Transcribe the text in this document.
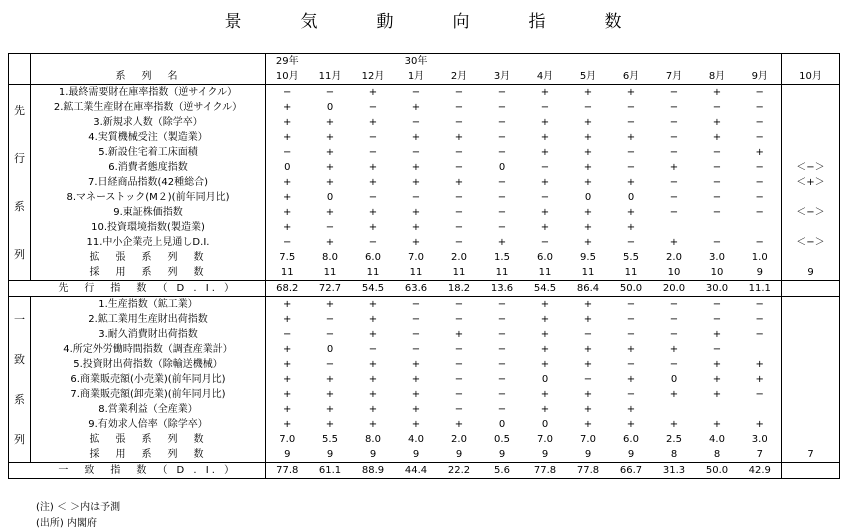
景　気　動　向　指　数
		29年			30年									
	系　列　名	10月	11月	12月	1月	2月	3月	4月	5月	6月	7月	8月	9月	10月

先
行
系
列	1.最終需要財在庫率指数（逆サイクル）	−	−	+	−	−	−	+	+	+	−	+	−	
	2.鉱工業生産財在庫率指数（逆サイクル）	+	0	−	+	−	−	−	−	−	−	−	−	
	3.新規求人数（除学卒）	+	+	+	−	−	−	+	+	−	−	+	−	
	4.実質機械受注（製造業）	+	+	−	+	+	−	+	+	+	−	+	−	
	5.新設住宅着工床面積	−	+	−	−	−	−	+	+	−	−	−	+	
	6.消費者態度指数	0	+	+	+	−	0	−	+	−	+	−	−	＜−＞
	7.日経商品指数(42種総合)	+	+	+	+	+	−	+	+	+	−	−	−	＜+＞
	8.マネーストック(M２)(前年同月比)	+	0	−	−	−	−	−	0	0	−	−	−	
	9.東証株価指数	+	+	+	+	−	−	+	+	+	−	−	−	＜−＞
	10.投資環境指数(製造業)	+	−	+	+	−	−	+	+	+				
	11.中小企業売上見通しD.I.	−	+	−	+	−	+	−	+	−	+	−	−	＜−＞
	拡　張　系　列　数	7.5	8.0	6.0	7.0	2.0	1.5	6.0	9.5	5.5	2.0	3.0	1.0	
	採　用　系　列　数	11	11	11	11	11	11	11	11	11	10	10	9	9
	先　行　指　数　（ D . I. ）	68.2	72.7	54.5	63.6	18.2	13.6	54.5	86.4	50.0	20.0	30.0	11.1	

一
致
系
列	1.生産指数（鉱工業）	+	+	+	−	−	−	+	+	−	−	−	−	
	2.鉱工業用生産財出荷指数	+	−	+	−	−	−	+	+	−	−	−	−	
	3.耐久消費財出荷指数	−	−	+	−	+	−	+	−	−	−	+	−	
	4.所定外労働時間指数（調査産業計）	+	0	−	−	−	−	+	+	+	+	−		
	5.投資財出荷指数（除輸送機械）	+	−	+	+	−	−	+	+	−	−	+	+	
	6.商業販売額(小売業)(前年同月比)	+	+	+	+	−	−	0	−	+	0	+	+	
	7.商業販売額(卸売業)(前年同月比)	+	+	+	+	−	−	+	+	−	+	+	−	
	8.営業利益（全産業）	+	+	+	+	−	−	+	+	+				
	9.有効求人倍率（除学卒）	+	+	+	+	+	0	0	+	+	+	+	+	
	拡　張　系　列　数	7.0	5.5	8.0	4.0	2.0	0.5	7.0	7.0	6.0	2.5	4.0	3.0	
	採　用　系　列　数	9	9	9	9	9	9	9	9	9	8	8	7	7
	一　致　指　数　（ D . I. ）	77.8	61.1	88.9	44.4	22.2	5.6	77.8	77.8	66.7	31.3	50.0	42.9	
(注) ＜ ＞内は予測
(出所) 内閣府
